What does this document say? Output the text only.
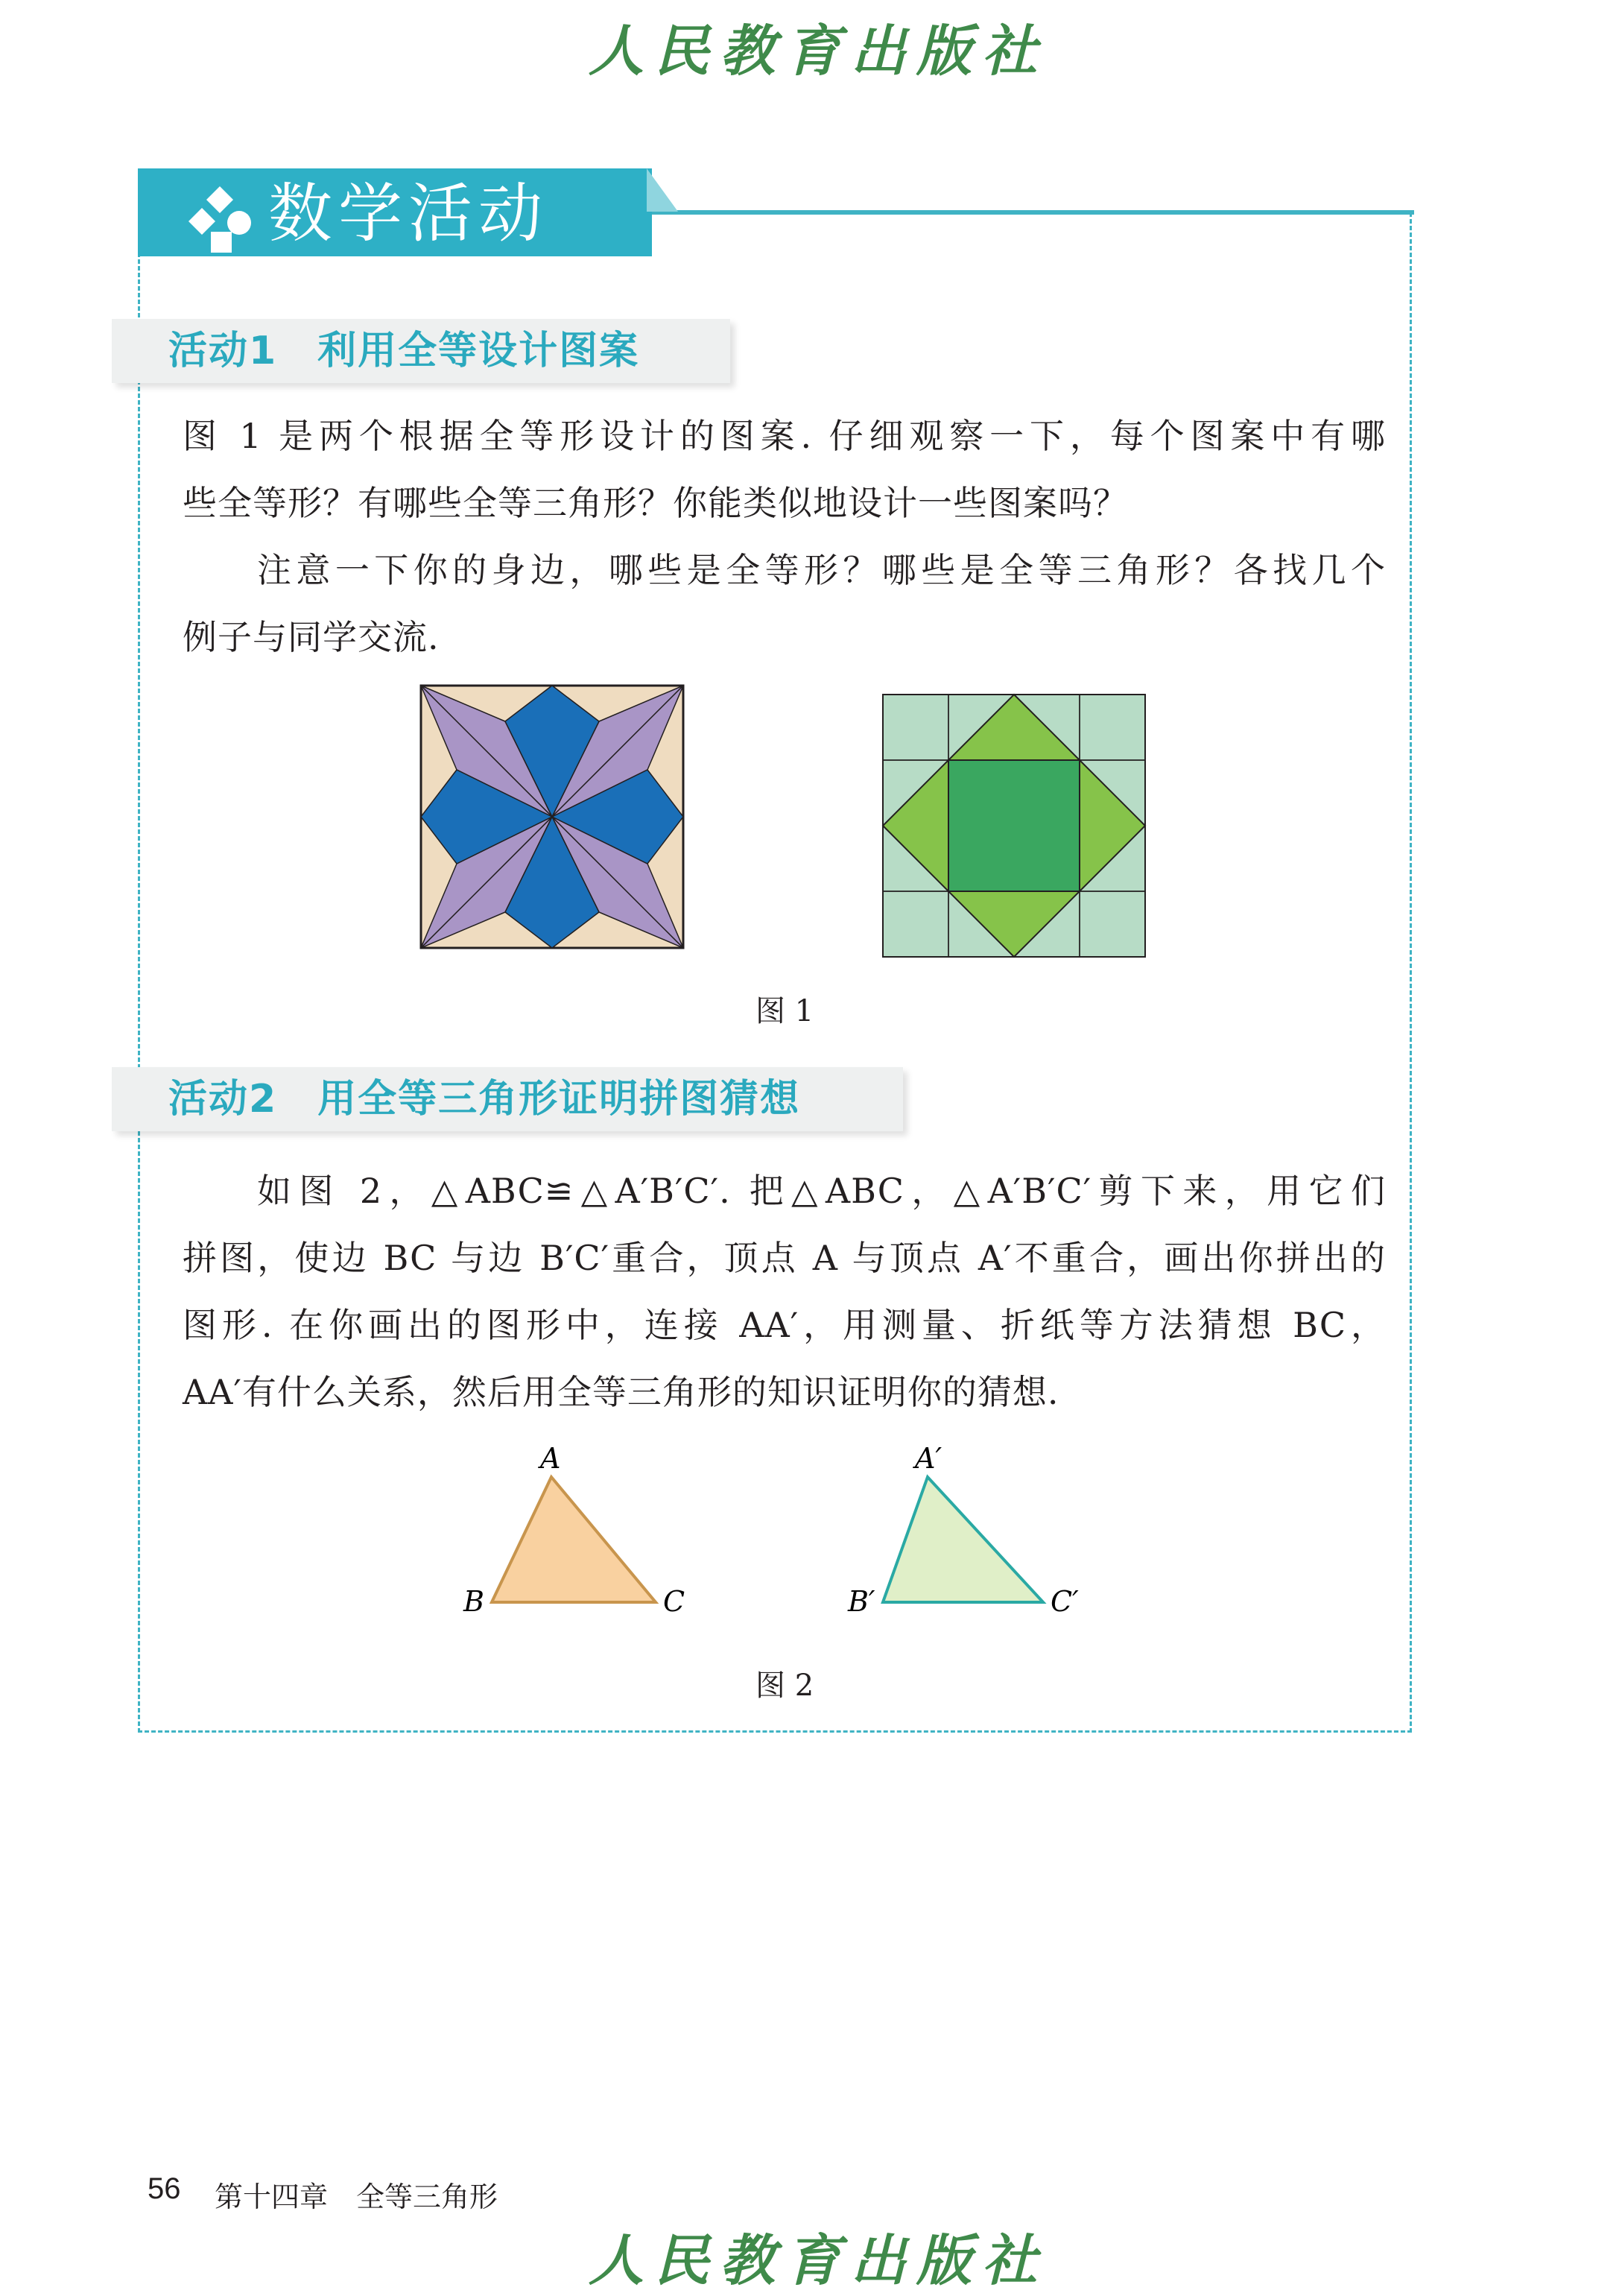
人民教育出版社
数学活动
活动1　利用全等设计图案
图 1 是两个根据全等形设计的图案. 仔细观察一下，每个图案中有哪
些全等形？有哪些全等三角形？你能类似地设计一些图案吗？
注意一下你的身边，哪些是全等形？哪些是全等三角形？各找几个
例子与同学交流.
图 1
活动2　用全等三角形证明拼图猜想
如图 2，△ABC≌△A′B′C′. 把△ABC，△A′B′C′剪下来，用它们
拼图，使边 BC 与边 B′C′重合，顶点 A 与顶点 A′不重合，画出你拼出的
图形. 在你画出的图形中，连接 AA′，用测量、折纸等方法猜想 BC，
AA′有什么关系，然后用全等三角形的知识证明你的猜想.
A
B	C
A′
B′	C′
图 2
56 第十四章　全等三角形
人民教育出版社
